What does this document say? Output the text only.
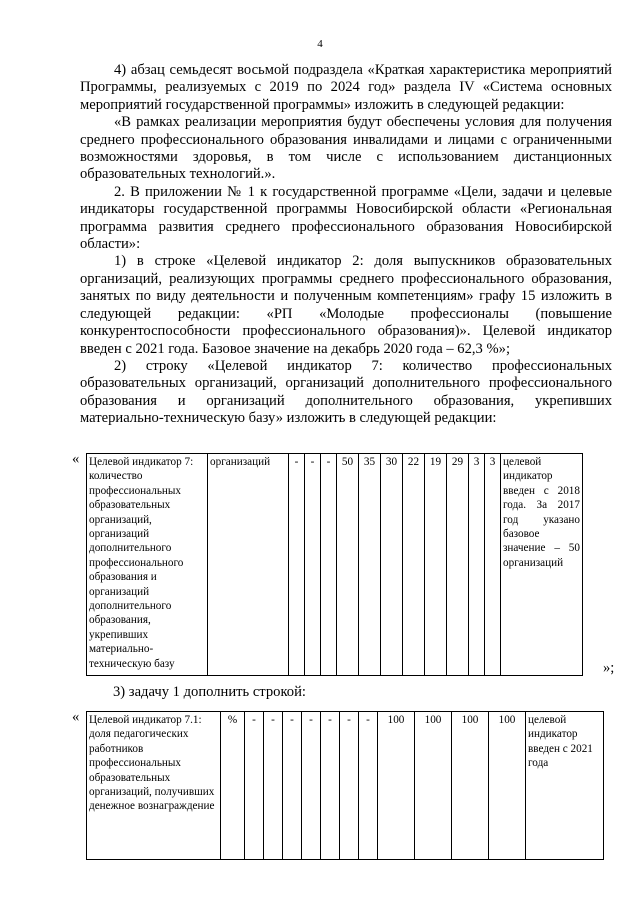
4

4) абзац семьдесят восьмой подраздела «Краткая характеристика мероприятий Программы, реализуемых с 2019 по 2024 год» раздела IV «Система основных мероприятий государственной программы» изложить в следующей редакции:

«В рамках реализации мероприятия будут обеспечены условия для получения среднего профессионального образования инвалидами и лицами с ограниченными возможностями здоровья, в том числе с использованием дистанционных образовательных технологий.».

2. В приложении № 1 к государственной программе «Цели, задачи и целевые индикаторы государственной программы Новосибирской области «Региональная программа развития среднего профессионального образования Новосибирской области»:

1) в строке «Целевой индикатор 2: доля выпускников образовательных организаций, реализующих программы среднего профессионального образования, занятых по виду деятельности и полученным компетенциям» графу 15 изложить в следующей редакции: «РП «Молодые профессионалы (повышение конкурентоспособности профессионального образования)». Целевой индикатор введен с 2021 года. Базовое значение на декабрь 2020 года – 62,3 %»;

2) строку «Целевой индикатор 7: количество профессиональных образовательных организаций, организаций дополнительного профессионального образования и организаций дополнительного образования, укрепивших материально-техническую базу» изложить в следующей редакции:

« Целевой индикатор 7: количество профессиональных образовательных организаций, организаций дополнительного профессионального образования и организаций дополнительного образования, укрепивших материально-техническую базу	организаций	-	-	-	50	35	30	22	19	29	3	3	целевой индикатор введен с 2018 года. За 2017 год указано базовое значение – 50 организаций
»;
3) задачу 1 дополнить строкой:
« Целевой индикатор 7.1: доля педагогических работников профессиональных образовательных организаций, получивших денежное вознаграждение	%	-	-	-	-	-	-	-	100	100	100	100	целевой индикатор введен с 2021 года
